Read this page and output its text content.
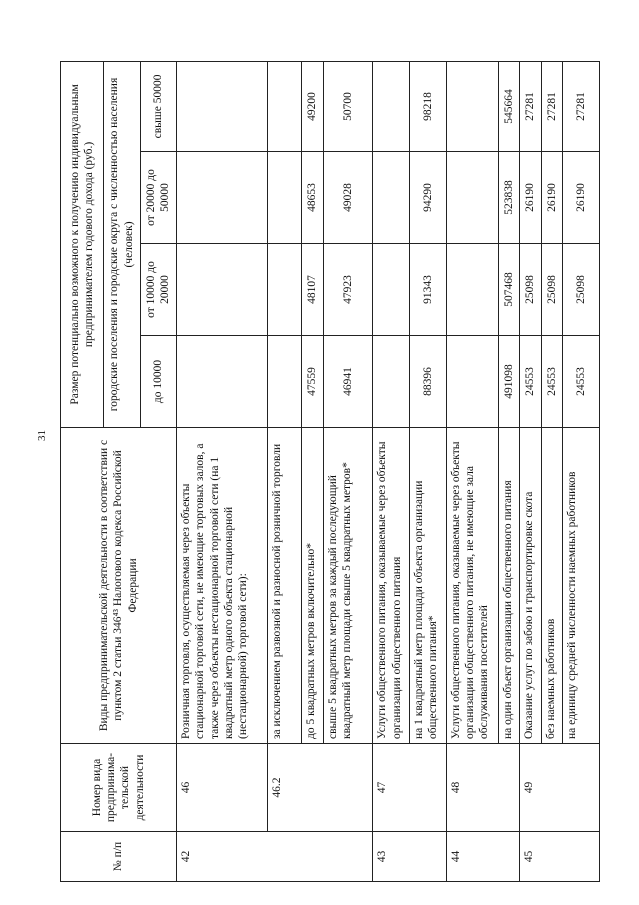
31
№ п/п	Номер вида предпринима-тельской деятельности	Виды предпринимательской деятельности в соответствии с пунктом 2 статьи 346⁴³ Налогового кодекса Российской Федерации	Размер потенциально возможного к получению индивидуальным предпринимателем годового дохода (руб.)			
			городские поселения и городские округа с численностью населения (человек)			
			до 10000	от 10000 до 20000	от 20000 до 50000	свыше 50000
42	46	Розничная торговля, осуществляемая через объекты стационарной торговой сети, не имеющие торговых залов, а также через объекты нестационарной торговой сети (на 1 квадратный метр одного объекта стационарной (нестационарной) торговой сети):				
	46.2	за исключением развозной и разносной розничной торговли				
		до 5 квадратных метров включительно*	47559	48107	48653	49200
		свыше 5 квадратных метров за каждый последующий квадратный метр площади свыше 5 квадратных метров*	46941	47923	49028	50700
43	47	Услуги общественного питания, оказываемые через объекты организации общественного питания				
		на 1 квадратный метр площади объекта организации общественного питания*	88396	91343	94290	98218
44	48	Услуги общественного питания, оказываемые через объекты организации общественного питания, не имеющие зала обслуживания посетителей				
		на один объект организации общественного питания	491098	507468	523838	545664
45	49	Оказание услуг по забою и транспортировке скота	24553	25098	26190	27281
		без наемных работников	24553	25098	26190	27281
		на единицу средней численности наемных работников	24553	25098	26190	27281
